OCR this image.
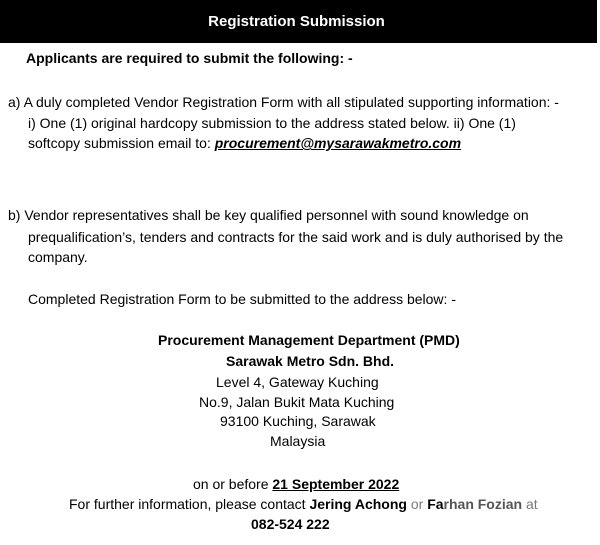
Registration Submission
Applicants are required to submit the following: -
a) A duly completed Vendor Registration Form with all stipulated supporting information: -
i) One (1) original hardcopy submission to the address stated below. ii) One (1)
softcopy submission email to: procurement@mysarawakmetro.com
b) Vendor representatives shall be key qualified personnel with sound knowledge on
prequalification’s, tenders and contracts for the said work and is duly authorised by the
company.
Completed Registration Form to be submitted to the address below: -
Procurement Management Department (PMD)
Sarawak Metro Sdn. Bhd.
Level 4, Gateway Kuching
No.9, Jalan Bukit Mata Kuching
93100 Kuching, Sarawak
Malaysia
on or before 21 September 2022
For further information, please contact Jering Achong or Farhan Fozian at
082-524 222
